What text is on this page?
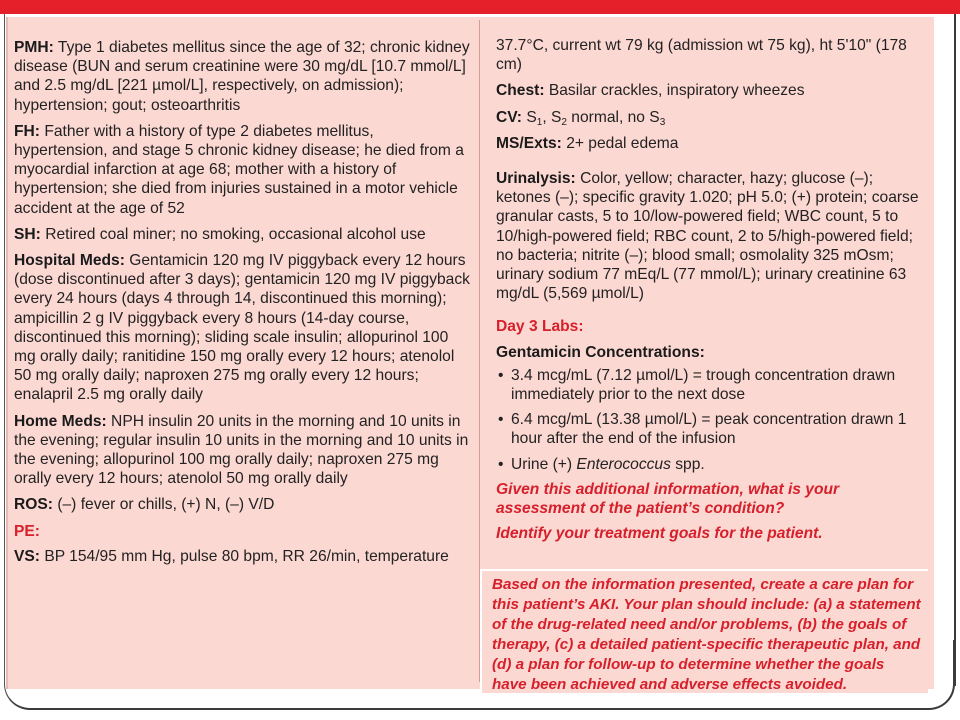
PMH: Type 1 diabetes mellitus since the age of 32; chronic kidney disease (BUN and serum creatinine were 30 mg/dL [10.7 mmol/L] and 2.5 mg/dL [221 µmol/L], respectively, on admission); hypertension; gout; osteoarthritis

FH: Father with a history of type 2 diabetes mellitus, hypertension, and stage 5 chronic kidney disease; he died from a myocardial infarction at age 68; mother with a history of hypertension; she died from injuries sustained in a motor vehicle accident at the age of 52

SH: Retired coal miner; no smoking, occasional alcohol use

Hospital Meds: Gentamicin 120 mg IV piggyback every 12 hours (dose discontinued after 3 days); gentamicin 120 mg IV piggyback every 24 hours (days 4 through 14, discontinued this morning); ampicillin 2 g IV piggyback every 8 hours (14-day course, discontinued this morning); sliding scale insulin; allopurinol 100 mg orally daily; ranitidine 150 mg orally every 12 hours; atenolol 50 mg orally daily; naproxen 275 mg orally every 12 hours; enalapril 2.5 mg orally daily

Home Meds: NPH insulin 20 units in the morning and 10 units in the evening; regular insulin 10 units in the morning and 10 units in the evening; allopurinol 100 mg orally daily; naproxen 275 mg orally every 12 hours; atenolol 50 mg orally daily

ROS: (–) fever or chills, (+) N, (–) V/D

PE:

VS: BP 154/95 mm Hg, pulse 80 bpm, RR 26/min, temperature

37.7°C, current wt 79 kg (admission wt 75 kg), ht 5'10" (178 cm)

Chest: Basilar crackles, inspiratory wheezes

CV: $S_1$, $S_2$ normal, no $S_3$

MS/Exts: 2+ pedal edema

Urinalysis: Color, yellow; character, hazy; glucose (–); ketones (–); specific gravity 1.020; pH 5.0; (+) protein; coarse granular casts, 5 to 10/low-powered field; WBC count, 5 to 10/high-powered field; RBC count, 2 to 5/high-powered field; no bacteria; nitrite (–); blood small; osmolality 325 mOsm; urinary sodium 77 mEq/L (77 mmol/L); urinary creatinine 63 mg/dL (5,569 µmol/L)

Day 3 Labs:

Gentamicin Concentrations:

• 3.4 mcg/mL (7.12 µmol/L) = trough concentration drawn immediately prior to the next dose

• 6.4 mcg/mL (13.38 µmol/L) = peak concentration drawn 1 hour after the end of the infusion

• Urine (+) Enterococcus spp.

Given this additional information, what is your assessment of the patient’s condition?

Identify your treatment goals for the patient.

Based on the information presented, create a care plan for this patient’s AKI. Your plan should include: (a) a statement of the drug-related need and/or problems, (b) the goals of therapy, (c) a detailed patient-specific therapeutic plan, and (d) a plan for follow-up to determine whether the goals have been achieved and adverse effects avoided.
